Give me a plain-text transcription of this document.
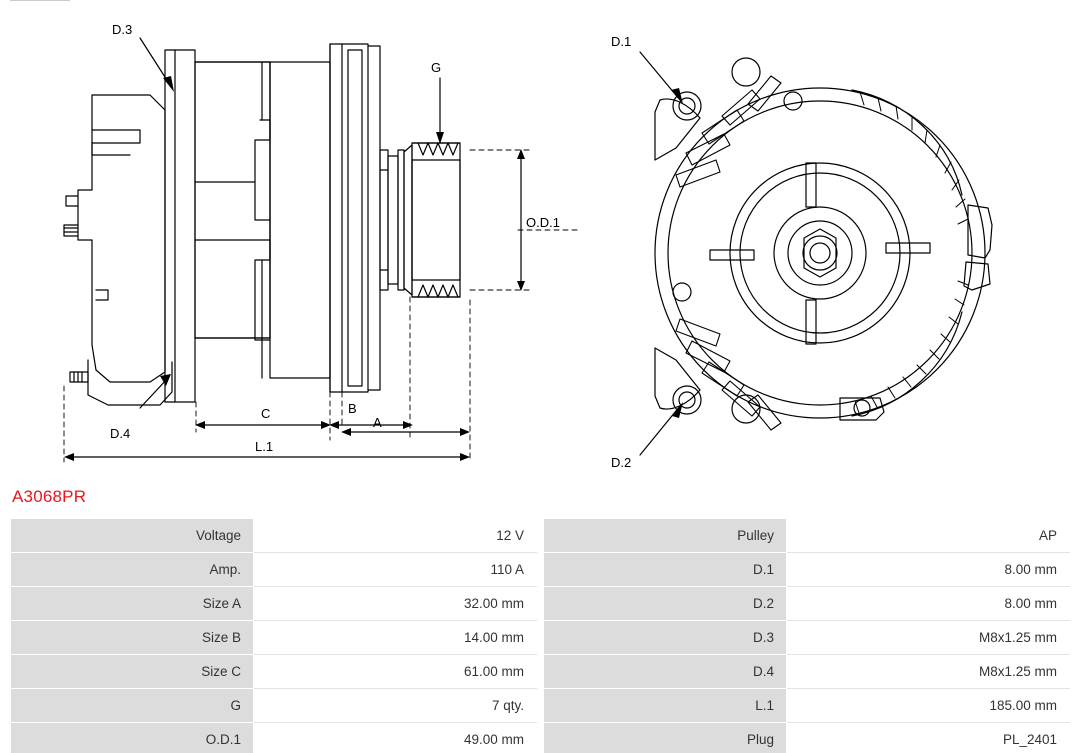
D.3
G
O.D.1
D.4
C	B
A
L.1
D.1
D.2
A3068PR
Voltage	12 V		Pulley	AP
Amp.	110 A		D.1	8.00 mm
Size A	32.00 mm		D.2	8.00 mm
Size B	14.00 mm		D.3	M8x1.25 mm
Size C	61.00 mm		D.4	M8x1.25 mm
G	7 qty.		L.1	185.00 mm
O.D.1	49.00 mm		Plug	PL_2401
